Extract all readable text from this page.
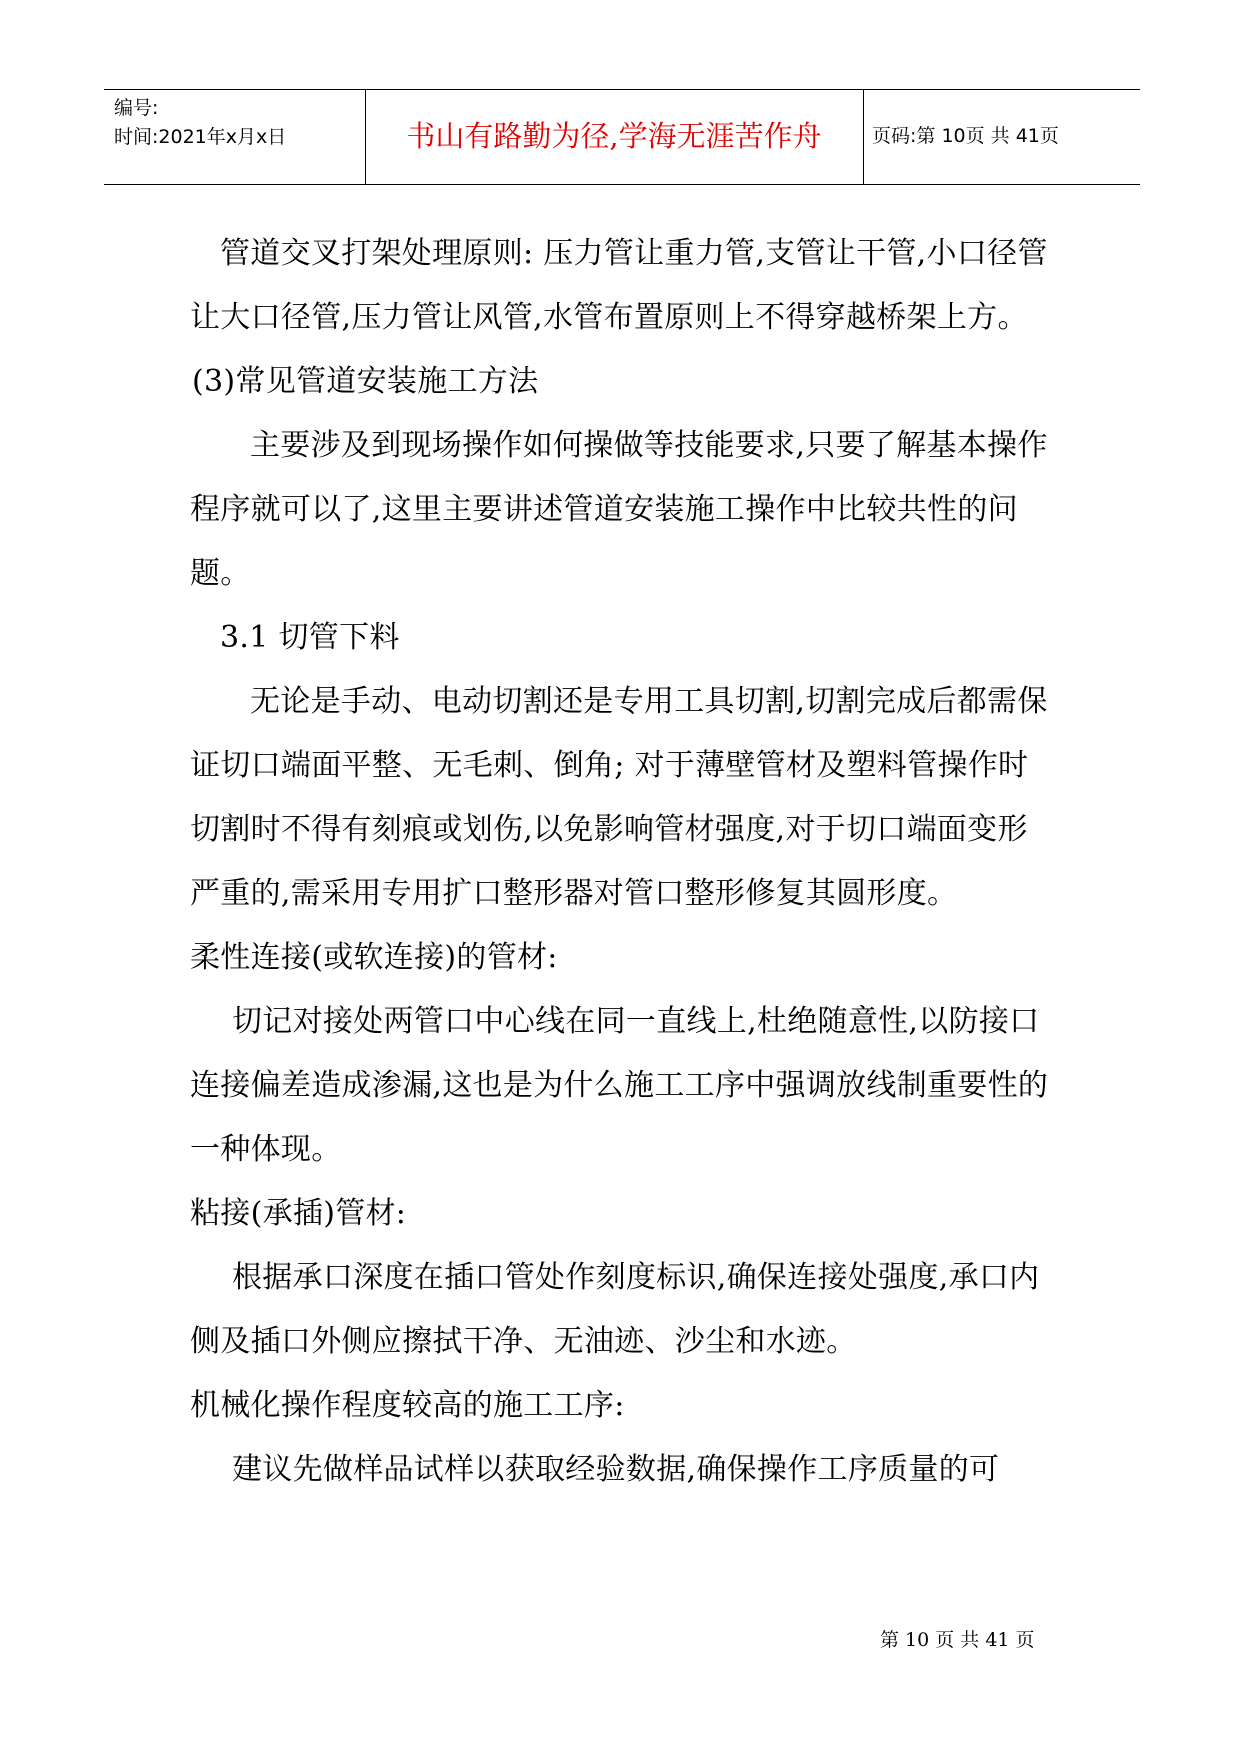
编号:
时间:2021年x月x日	书山有路勤为径,学海无涯苦作舟	页码:第 10页 共 41页

管道交叉打架处理原则: 压力管让重力管,支管让干管,小口径管让大口径管,压力管让风管,水管布置原则上不得穿越桥架上方。

(3)常见管道安装施工方法

主要涉及到现场操作如何操做等技能要求,只要了解基本操作程序就可以了,这里主要讲述管道安装施工操作中比较共性的问题。

3.1 切管下料

无论是手动、电动切割还是专用工具切割,切割完成后都需保证切口端面平整、无毛刺、倒角; 对于薄壁管材及塑料管操作时切割时不得有刻痕或划伤,以免影响管材强度,对于切口端面变形严重的,需采用专用扩口整形器对管口整形修复其圆形度。

柔性连接(或软连接)的管材:

切记对接处两管口中心线在同一直线上,杜绝随意性,以防接口连接偏差造成渗漏,这也是为什么施工工序中强调放线制重要性的一种体现。

粘接(承插)管材:

根据承口深度在插口管处作刻度标识,确保连接处强度,承口内侧及插口外侧应擦拭干净、无油迹、沙尘和水迹。

机械化操作程度较高的施工工序:

建议先做样品试样以获取经验数据,确保操作工序质量的可

第 10 页 共 41 页
